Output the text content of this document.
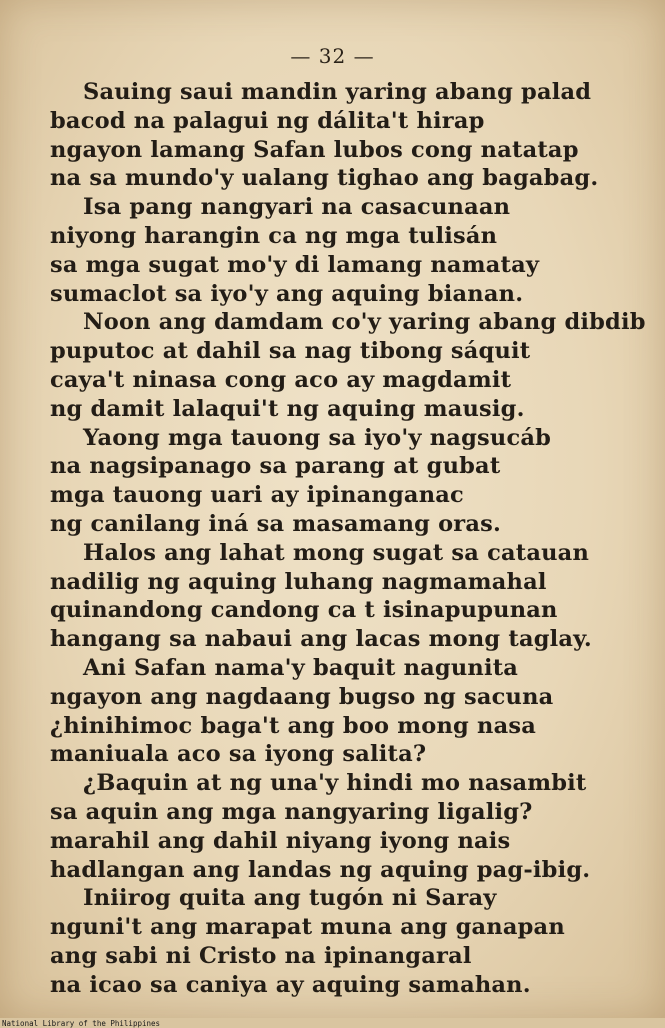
— 32 —
Sauing saui mandin yaring abang palad
bacod na palagui ng dálita't hirap
ngayon lamang Safan lubos cong natatap
na sa mundo'y ualang tighao ang bagabag.
Isa pang nangyari na casacunaan
niyong harangin ca ng mga tulisán
sa mga sugat mo'y di lamang namatay
sumaclot sa iyo'y ang aquing bianan.
Noon ang damdam co'y yaring abang dibdib
puputoc at dahil sa nag tibong sáquit
caya't ninasa cong aco ay magdamit
ng damit lalaqui't ng aquing mausig.
Yaong mga tauong sa iyo'y nagsucáb
na nagsipanago sa parang at gubat
mga tauong uari ay ipinanganac
ng canilang iná sa masamang oras.
Halos ang lahat mong sugat sa catauan
nadilig ng aquing luhang nagmamahal
quinandong candong ca t isinapupunan
hangang sa nabaui ang lacas mong taglay.
Ani Safan nama'y baquit nagunita
ngayon ang nagdaang bugso ng sacuna
¿hinihimoc baga't ang boo mong nasa
maniuala aco sa iyong salita?
¿Baquin at ng una'y hindi mo nasambit
sa aquin ang mga nangyaring ligalig?
marahil ang dahil niyang iyong nais
hadlangan ang landas ng aquing pag-ibig.
Iniirog quita ang tugón ni Saray
nguni't ang marapat muna ang ganapan
ang sabi ni Cristo na ipinangaral
na icao sa caniya ay aquing samahan.
National Library of the Philippines
